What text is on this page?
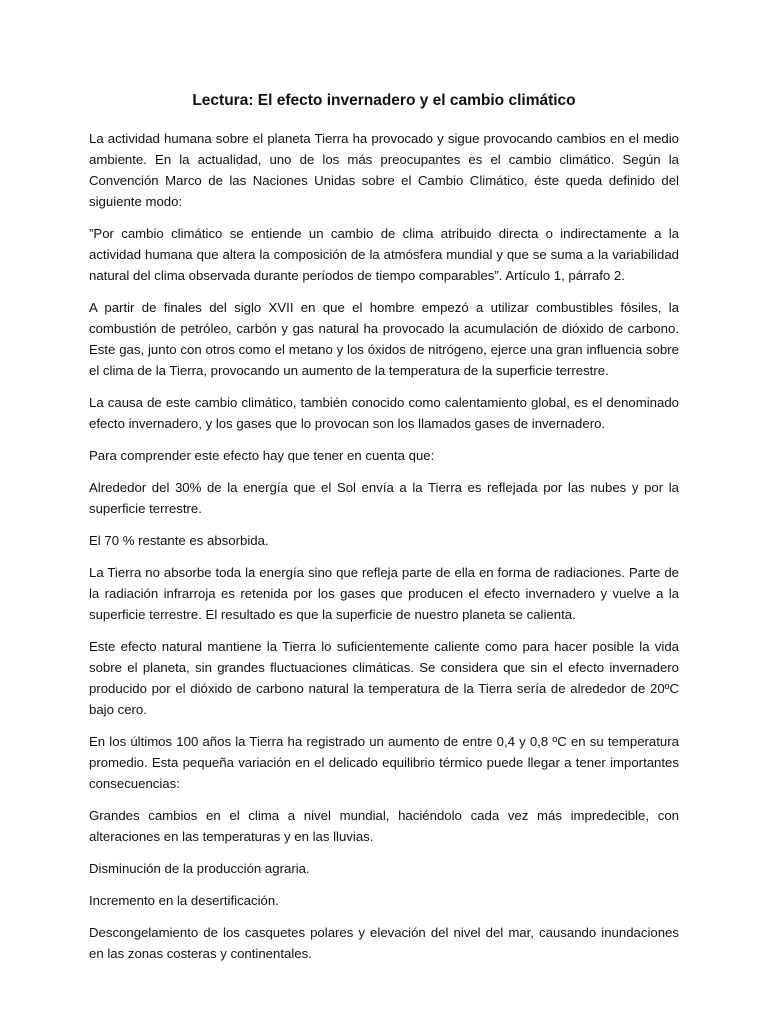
Lectura: El efecto invernadero y el cambio climático

La actividad humana sobre el planeta Tierra ha provocado y sigue provocando cambios en el medio ambiente. En la actualidad, uno de los más preocupantes es el cambio climático. Según la Convención Marco de las Naciones Unidas sobre el Cambio Climático, éste queda definido del siguiente modo:

”Por cambio climático se entiende un cambio de clima atribuido directa o indirectamente a la actividad humana que altera la composición de la atmósfera mundial y que se suma a la variabilidad natural del clima observada durante períodos de tiempo comparables”. Artículo 1, párrafo 2.

A partir de finales del siglo XVII en que el hombre empezó a utilizar combustibles fósiles, la combustión de petróleo, carbón y gas natural ha provocado la acumulación de dióxido de carbono. Este gas, junto con otros como el metano y los óxidos de nitrógeno, ejerce una gran influencia sobre el clima de la Tierra, provocando un aumento de la temperatura de la superficie terrestre.

La causa de este cambio climático, también conocido como calentamiento global, es el denominado efecto invernadero, y los gases que lo provocan son los llamados gases de invernadero.

Para comprender este efecto hay que tener en cuenta que:

Alrededor del 30% de la energía que el Sol envía a la Tierra es reflejada por las nubes y por la superficie terrestre.

El 70 % restante es absorbida.

La Tierra no absorbe toda la energía sino que refleja parte de ella en forma de radiaciones. Parte de la radiación infrarroja es retenida por los gases que producen el efecto invernadero y vuelve a la superficie terrestre. El resultado es que la superficie de nuestro planeta se calienta.

Este efecto natural mantiene la Tierra lo suficientemente caliente como para hacer posible la vida sobre el planeta, sin grandes fluctuaciones climáticas. Se considera que sin el efecto invernadero producido por el dióxido de carbono natural la temperatura de la Tierra sería de alrededor de 20ºC bajo cero.

En los últimos 100 años la Tierra ha registrado un aumento de entre 0,4 y 0,8 ºC en su temperatura promedio. Esta pequeña variación en el delicado equilibrio térmico puede llegar a tener importantes consecuencias:

Grandes cambios en el clima a nivel mundial, haciéndolo cada vez más impredecible, con alteraciones en las temperaturas y en las lluvias.

Disminución de la producción agraria.

Incremento en la desertificación.

Descongelamiento de los casquetes polares y elevación del nivel del mar, causando inundaciones en las zonas costeras y continentales.
